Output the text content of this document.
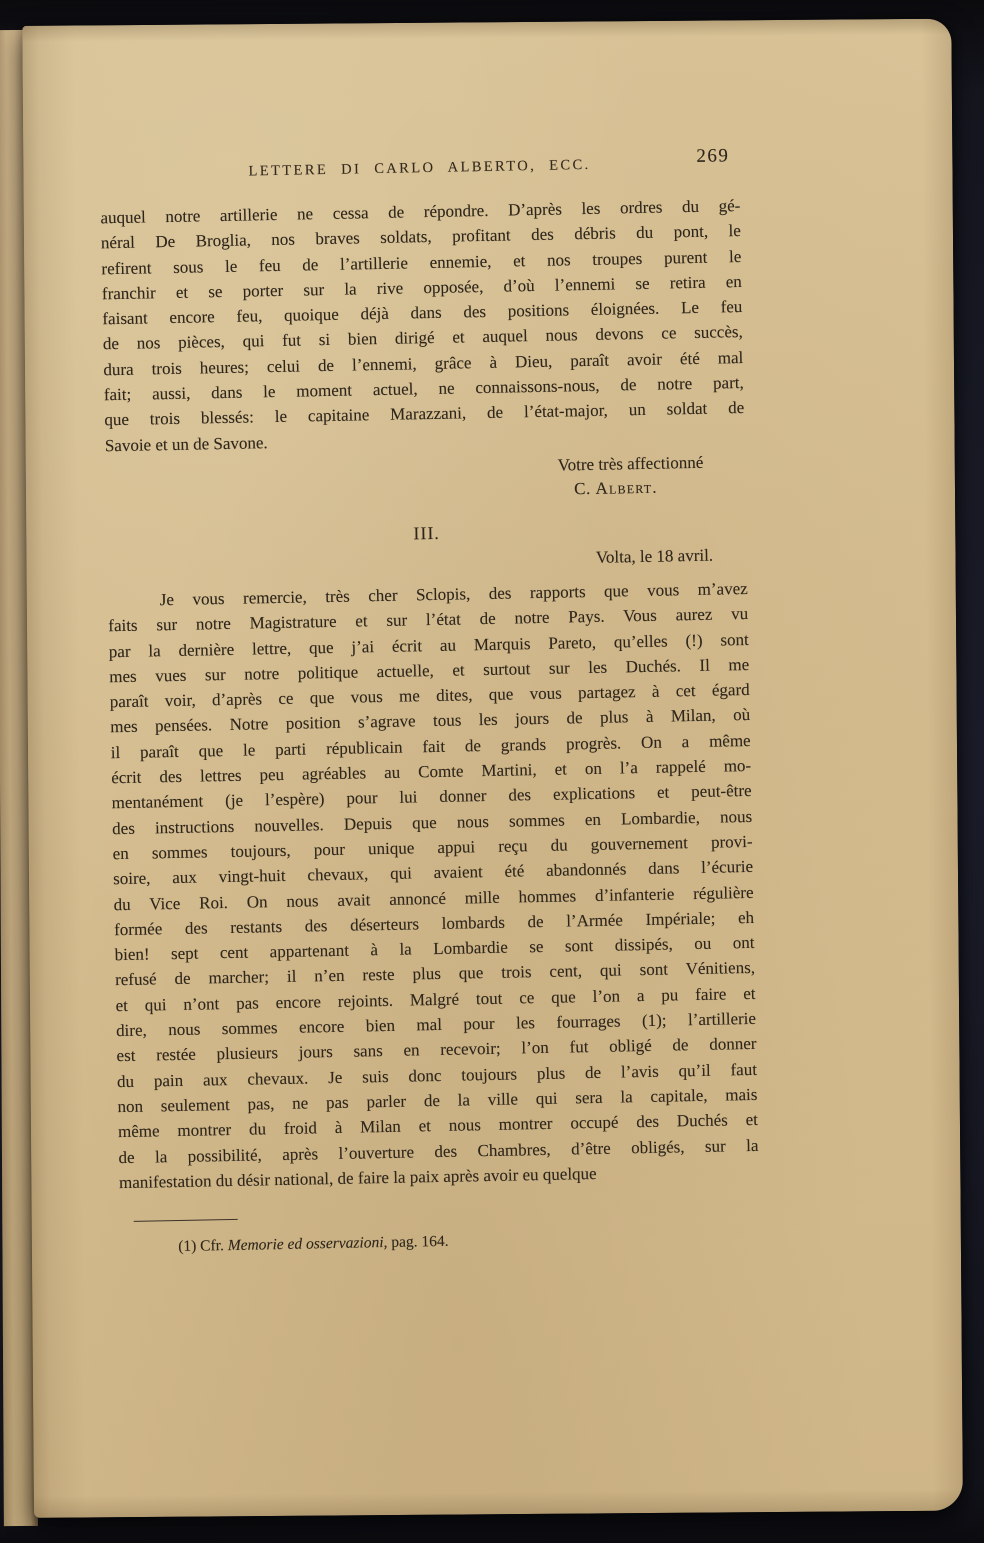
LETTERE DI CARLO ALBERTO, ECC.
269
auquel notre artillerie ne cessa de répondre. D’après les ordres du gé-
néral De Broglia, nos braves soldats, profitant des débris du pont, le
refirent sous le feu de l’artillerie ennemie, et nos troupes purent le
franchir et se porter sur la rive opposée, d’où l’ennemi se retira en
faisant encore feu, quoique déjà dans des positions éloignées. Le feu
de nos pièces, qui fut si bien dirigé et auquel nous devons ce succès,
dura trois heures; celui de l’ennemi, grâce à Dieu, paraît avoir été mal
fait; aussi, dans le moment actuel, ne connaissons-nous, de notre part,
que trois blessés: le capitaine Marazzani, de l’état-major, un soldat de
Savoie et un de Savone.
Votre très affectionné
C. Albert.
III.
Volta, le 18 avril.
Je vous remercie, très cher Sclopis, des rapports que vous m’avez
faits sur notre Magistrature et sur l’état de notre Pays. Vous aurez vu
par la dernière lettre, que j’ai écrit au Marquis Pareto, qu’elles (!) sont
mes vues sur notre politique actuelle, et surtout sur les Duchés. Il me
paraît voir, d’après ce que vous me dites, que vous partagez à cet égard
mes pensées. Notre position s’agrave tous les jours de plus à Milan, où
il paraît que le parti républicain fait de grands progrès. On a même
écrit des lettres peu agréables au Comte Martini, et on l’a rappelé mo-
mentanément (je l’espère) pour lui donner des explications et peut-être
des instructions nouvelles. Depuis que nous sommes en Lombardie, nous
en sommes toujours, pour unique appui reçu du gouvernement provi-
soire, aux vingt-huit chevaux, qui avaient été abandonnés dans l’écurie
du Vice Roi. On nous avait annoncé mille hommes d’infanterie régulière
formée des restants des déserteurs lombards de l’Armée Impériale; eh
bien! sept cent appartenant à la Lombardie se sont dissipés, ou ont
refusé de marcher; il n’en reste plus que trois cent, qui sont Vénitiens,
et qui n’ont pas encore rejoints. Malgré tout ce que l’on a pu faire et
dire, nous sommes encore bien mal pour les fourrages (1); l’artillerie
est restée plusieurs jours sans en recevoir; l’on fut obligé de donner
du pain aux chevaux. Je suis donc toujours plus de l’avis qu’il faut
non seulement pas, ne pas parler de la ville qui sera la capitale, mais
même montrer du froid à Milan et nous montrer occupé des Duchés et
de la possibilité, après l’ouverture des Chambres, d’être obligés, sur la
manifestation du désir national, de faire la paix après avoir eu quelque
(1) Cfr. Memorie ed osservazioni, pag. 164.
